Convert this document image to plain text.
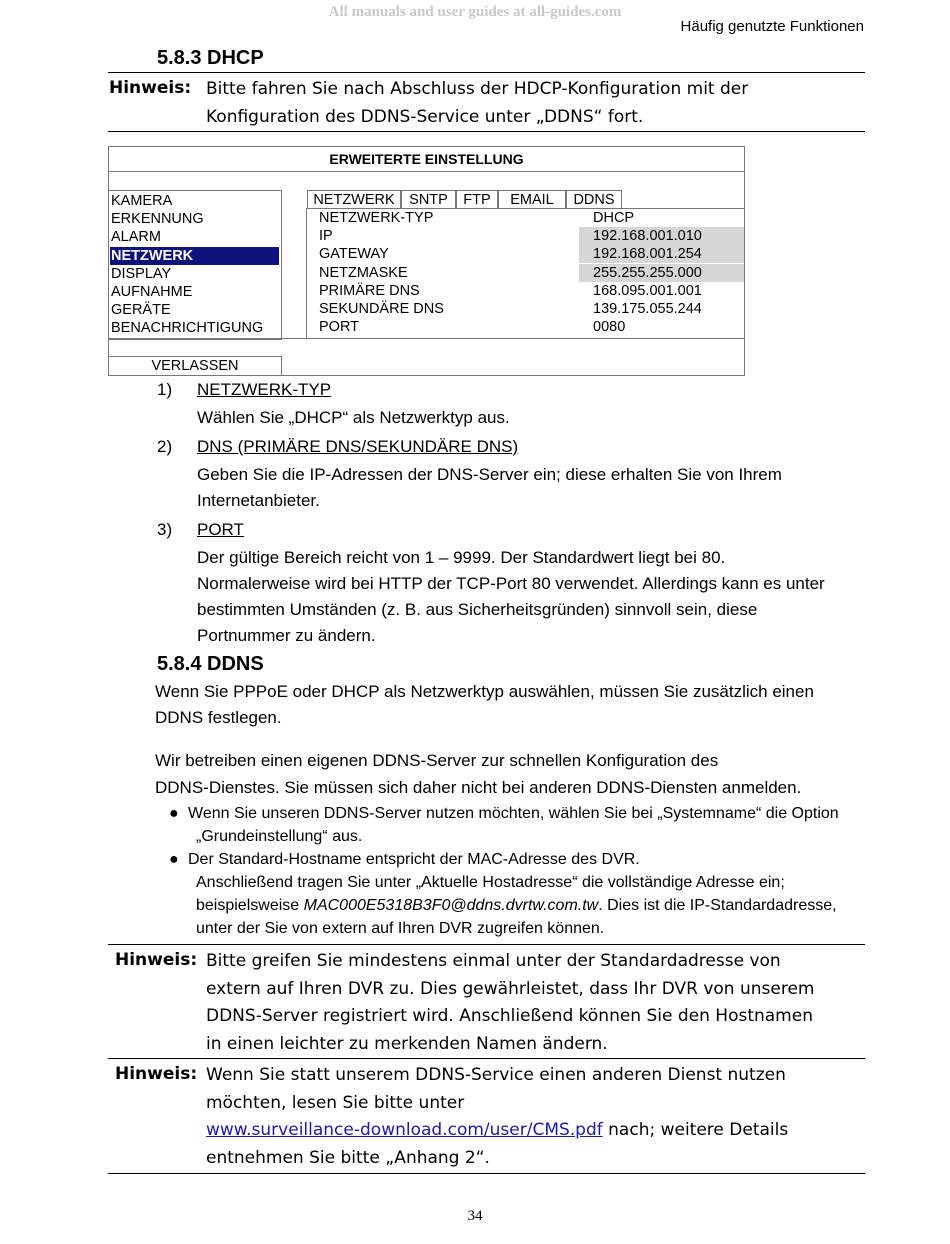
All manuals and user guides at all-guides.com
Häufig genutzte Funktionen
5.8.3 DHCP
Hinweis: Bitte fahren Sie nach Abschluss der HDCP-Konfiguration mit der
Konfiguration des DDNS-Service unter „DDNS“ fort.
ERWEITERTE EINSTELLUNG
KAMERA
ERKENNUNG
ALARM
NETZWERK
DISPLAY
AUFNAHME
GERÄTE
BENACHRICHTIGUNG
NETZWERK SNTP	FTP	EMAIL	DDNS
NETZWERK-TYP	DHCP
IP	192.168.001.010
GATEWAY	192.168.001.254
NETZMASKE	255.255.255.000
PRIMÄRE DNS	168.095.001.001
SEKUNDÄRE DNS	139.175.055.244
PORT	0080
VERLASSEN
1) NETZWERK-TYP
Wählen Sie „DHCP“ als Netzwerktyp aus.
2) DNS (PRIMÄRE DNS/SEKUNDÄRE DNS)
Geben Sie die IP-Adressen der DNS-Server ein; diese erhalten Sie von Ihrem
Internetanbieter.
3) PORT
Der gültige Bereich reicht von 1 – 9999. Der Standardwert liegt bei 80.
Normalerweise wird bei HTTP der TCP-Port 80 verwendet. Allerdings kann es unter
bestimmten Umständen (z. B. aus Sicherheitsgründen) sinnvoll sein, diese
Portnummer zu ändern.
5.8.4 DDNS
Wenn Sie PPPoE oder DHCP als Netzwerktyp auswählen, müssen Sie zusätzlich einen
DDNS festlegen.
Wir betreiben einen eigenen DDNS-Server zur schnellen Konfiguration des
DDNS-Dienstes. Sie müssen sich daher nicht bei anderen DDNS-Diensten anmelden.
● Wenn Sie unseren DDNS-Server nutzen möchten, wählen Sie bei „Systemname“ die Option
„Grundeinstellung“ aus.
● Der Standard-Hostname entspricht der MAC-Adresse des DVR.
Anschließend tragen Sie unter „Aktuelle Hostadresse“ die vollständige Adresse ein;
beispielsweise MAC000E5318B3F0@ddns.dvrtw.com.tw. Dies ist die IP-Standardadresse,
unter der Sie von extern auf Ihren DVR zugreifen können.
Hinweis: Bitte greifen Sie mindestens einmal unter der Standardadresse von
extern auf Ihren DVR zu. Dies gewährleistet, dass Ihr DVR von unserem
DDNS-Server registriert wird. Anschließend können Sie den Hostnamen
in einen leichter zu merkenden Namen ändern.
Hinweis: Wenn Sie statt unserem DDNS-Service einen anderen Dienst nutzen
möchten, lesen Sie bitte unter
www.surveillance-download.com/user/CMS.pdf nach; weitere Details
entnehmen Sie bitte „Anhang 2“.
34
